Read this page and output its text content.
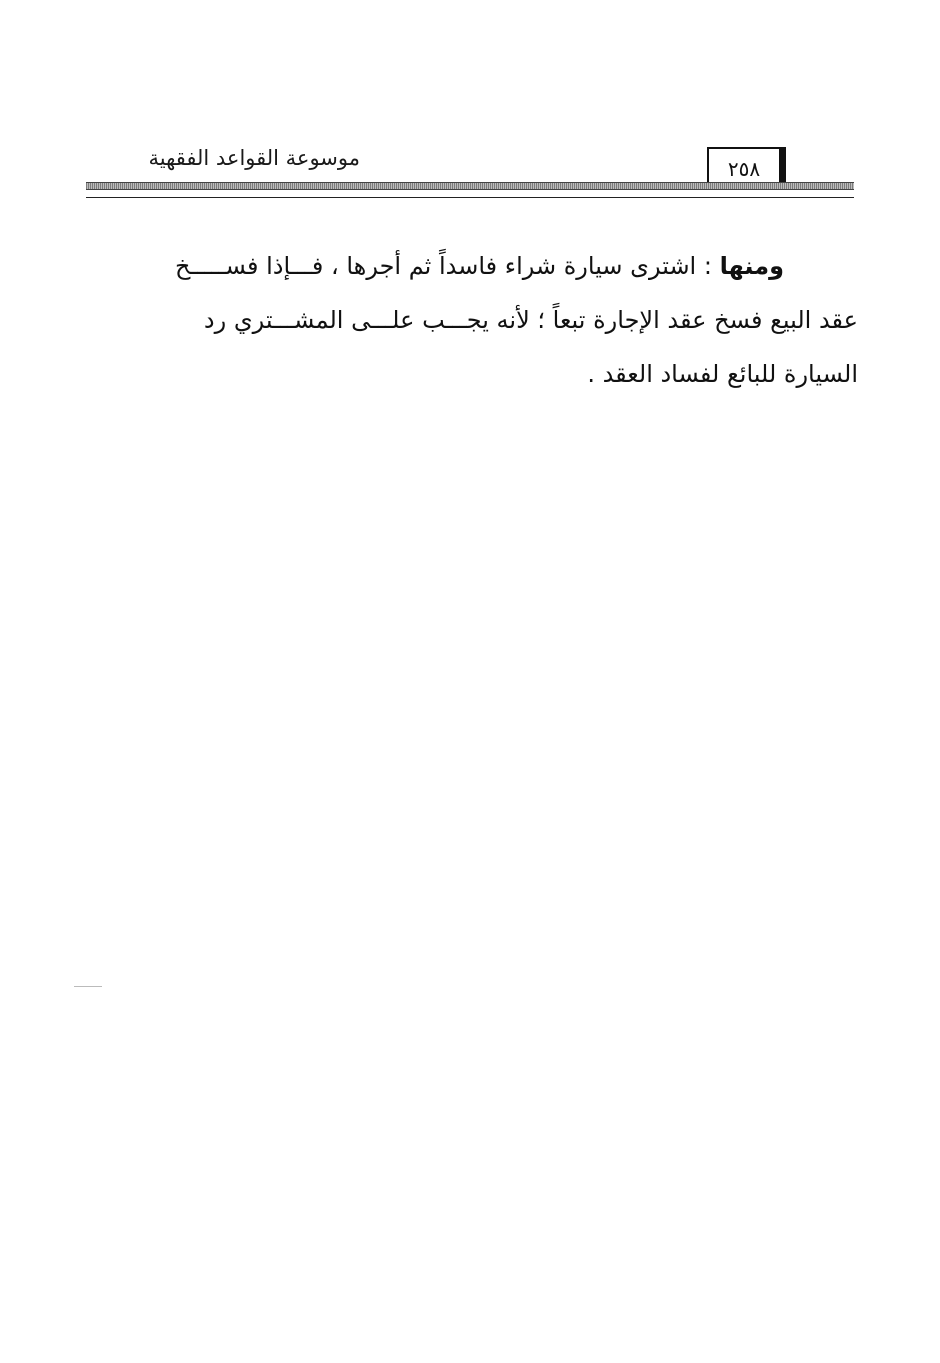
٢٥٨
موسوعة القواعد الفقهية
ومنها : اشترى سيارة شراء فاسداً ثم أجرها ، فـــإذا فســـــخ
عقد البيع فسخ عقد الإجارة تبعاً ؛ لأنه يجـــب علـــى المشـــتري رد
السيارة للبائع لفساد العقد .
